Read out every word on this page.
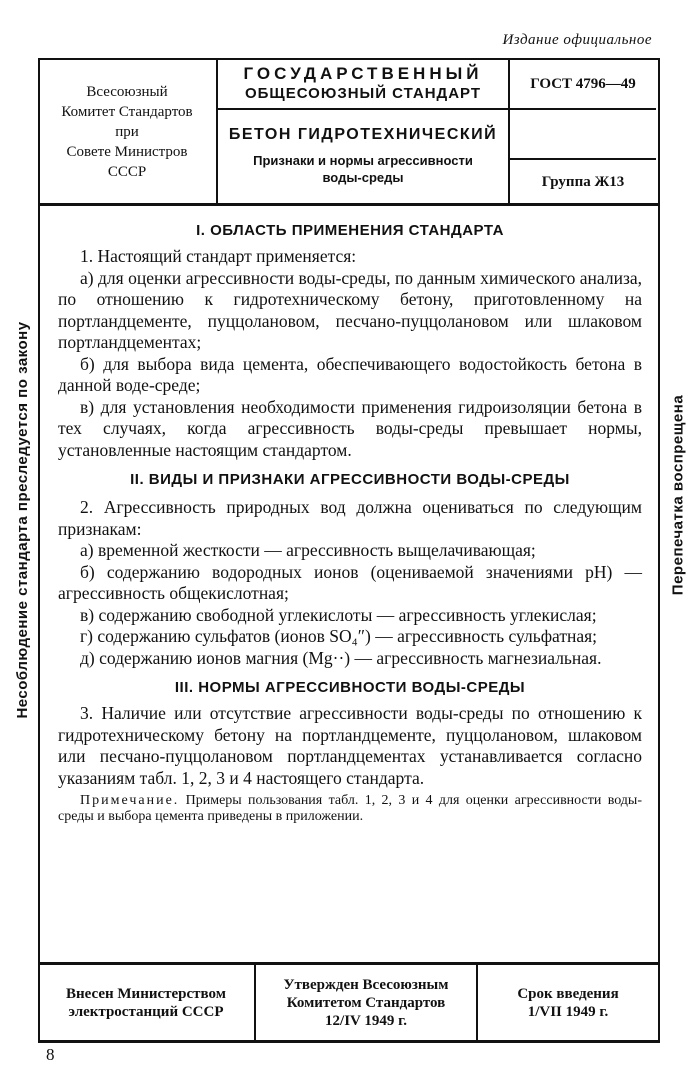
Издание официальное
Несоблюдение стандарта преследуется по закону	Перепечатка воспрещена
Всесоюзный
Комитет Стандартов
при
Совете Министров
СССР
ГОСУДАРСТВЕННЫЙ
ОБЩЕСОЮЗНЫЙ СТАНДАРТ
БЕТОН ГИДРОТЕХНИЧЕСКИЙ
Признаки и нормы агрессивности
воды-среды
ГОСТ 4796—49
Группа Ж13
I. ОБЛАСТЬ ПРИМЕНЕНИЯ СТАНДАРТА

1. Настоящий стандарт применяется:

а) для оценки агрессивности воды-среды, по данным химического анализа, по отношению к гидротехническому бетону, приготовленному на портландцементе, пуццолановом, песчано-пуццолановом или шлаковом портландцементах;

б) для выбора вида цемента, обеспечивающего водостойкость бетона в данной воде-среде;

в) для установления необходимости применения гидроизоляции бетона в тех случаях, когда агрессивность воды-среды превышает нормы, установленные настоящим стандартом.

II. ВИДЫ И ПРИЗНАКИ АГРЕССИВНОСТИ ВОДЫ-СРЕДЫ

2. Агрессивность природных вод должна оцениваться по следующим признакам:

а) временной жесткости — агрессивность выщелачивающая;

б) содержанию водородных ионов (оцениваемой значениями рН) — агрессивность общекислотная;

в) содержанию свободной углекислоты — агрессивность углекислая;

г) содержанию сульфатов (ионов SO₄″) — агрессивность сульфатная;

д) содержанию ионов магния (Mg··) — агрессивность магнезиальная.

III. НОРМЫ АГРЕССИВНОСТИ ВОДЫ-СРЕДЫ

3. Наличие или отсутствие агрессивности воды-среды по отношению к гидротехническому бетону на портландцементе, пуццолановом, шлаковом или песчано-пуццолановом портландцементах устанавливается согласно указаниям табл. 1, 2, 3 и 4 настоящего стандарта.

Примечание. Примеры пользования табл. 1, 2, 3 и 4 для оценки агрессивности воды-среды и выбора цемента приведены в приложении.

Внесен Министерством
электростанций СССР
Утвержден Всесоюзным
Комитетом Стандартов
12/IV 1949 г.
Срок введения
1/VII 1949 г.
8
